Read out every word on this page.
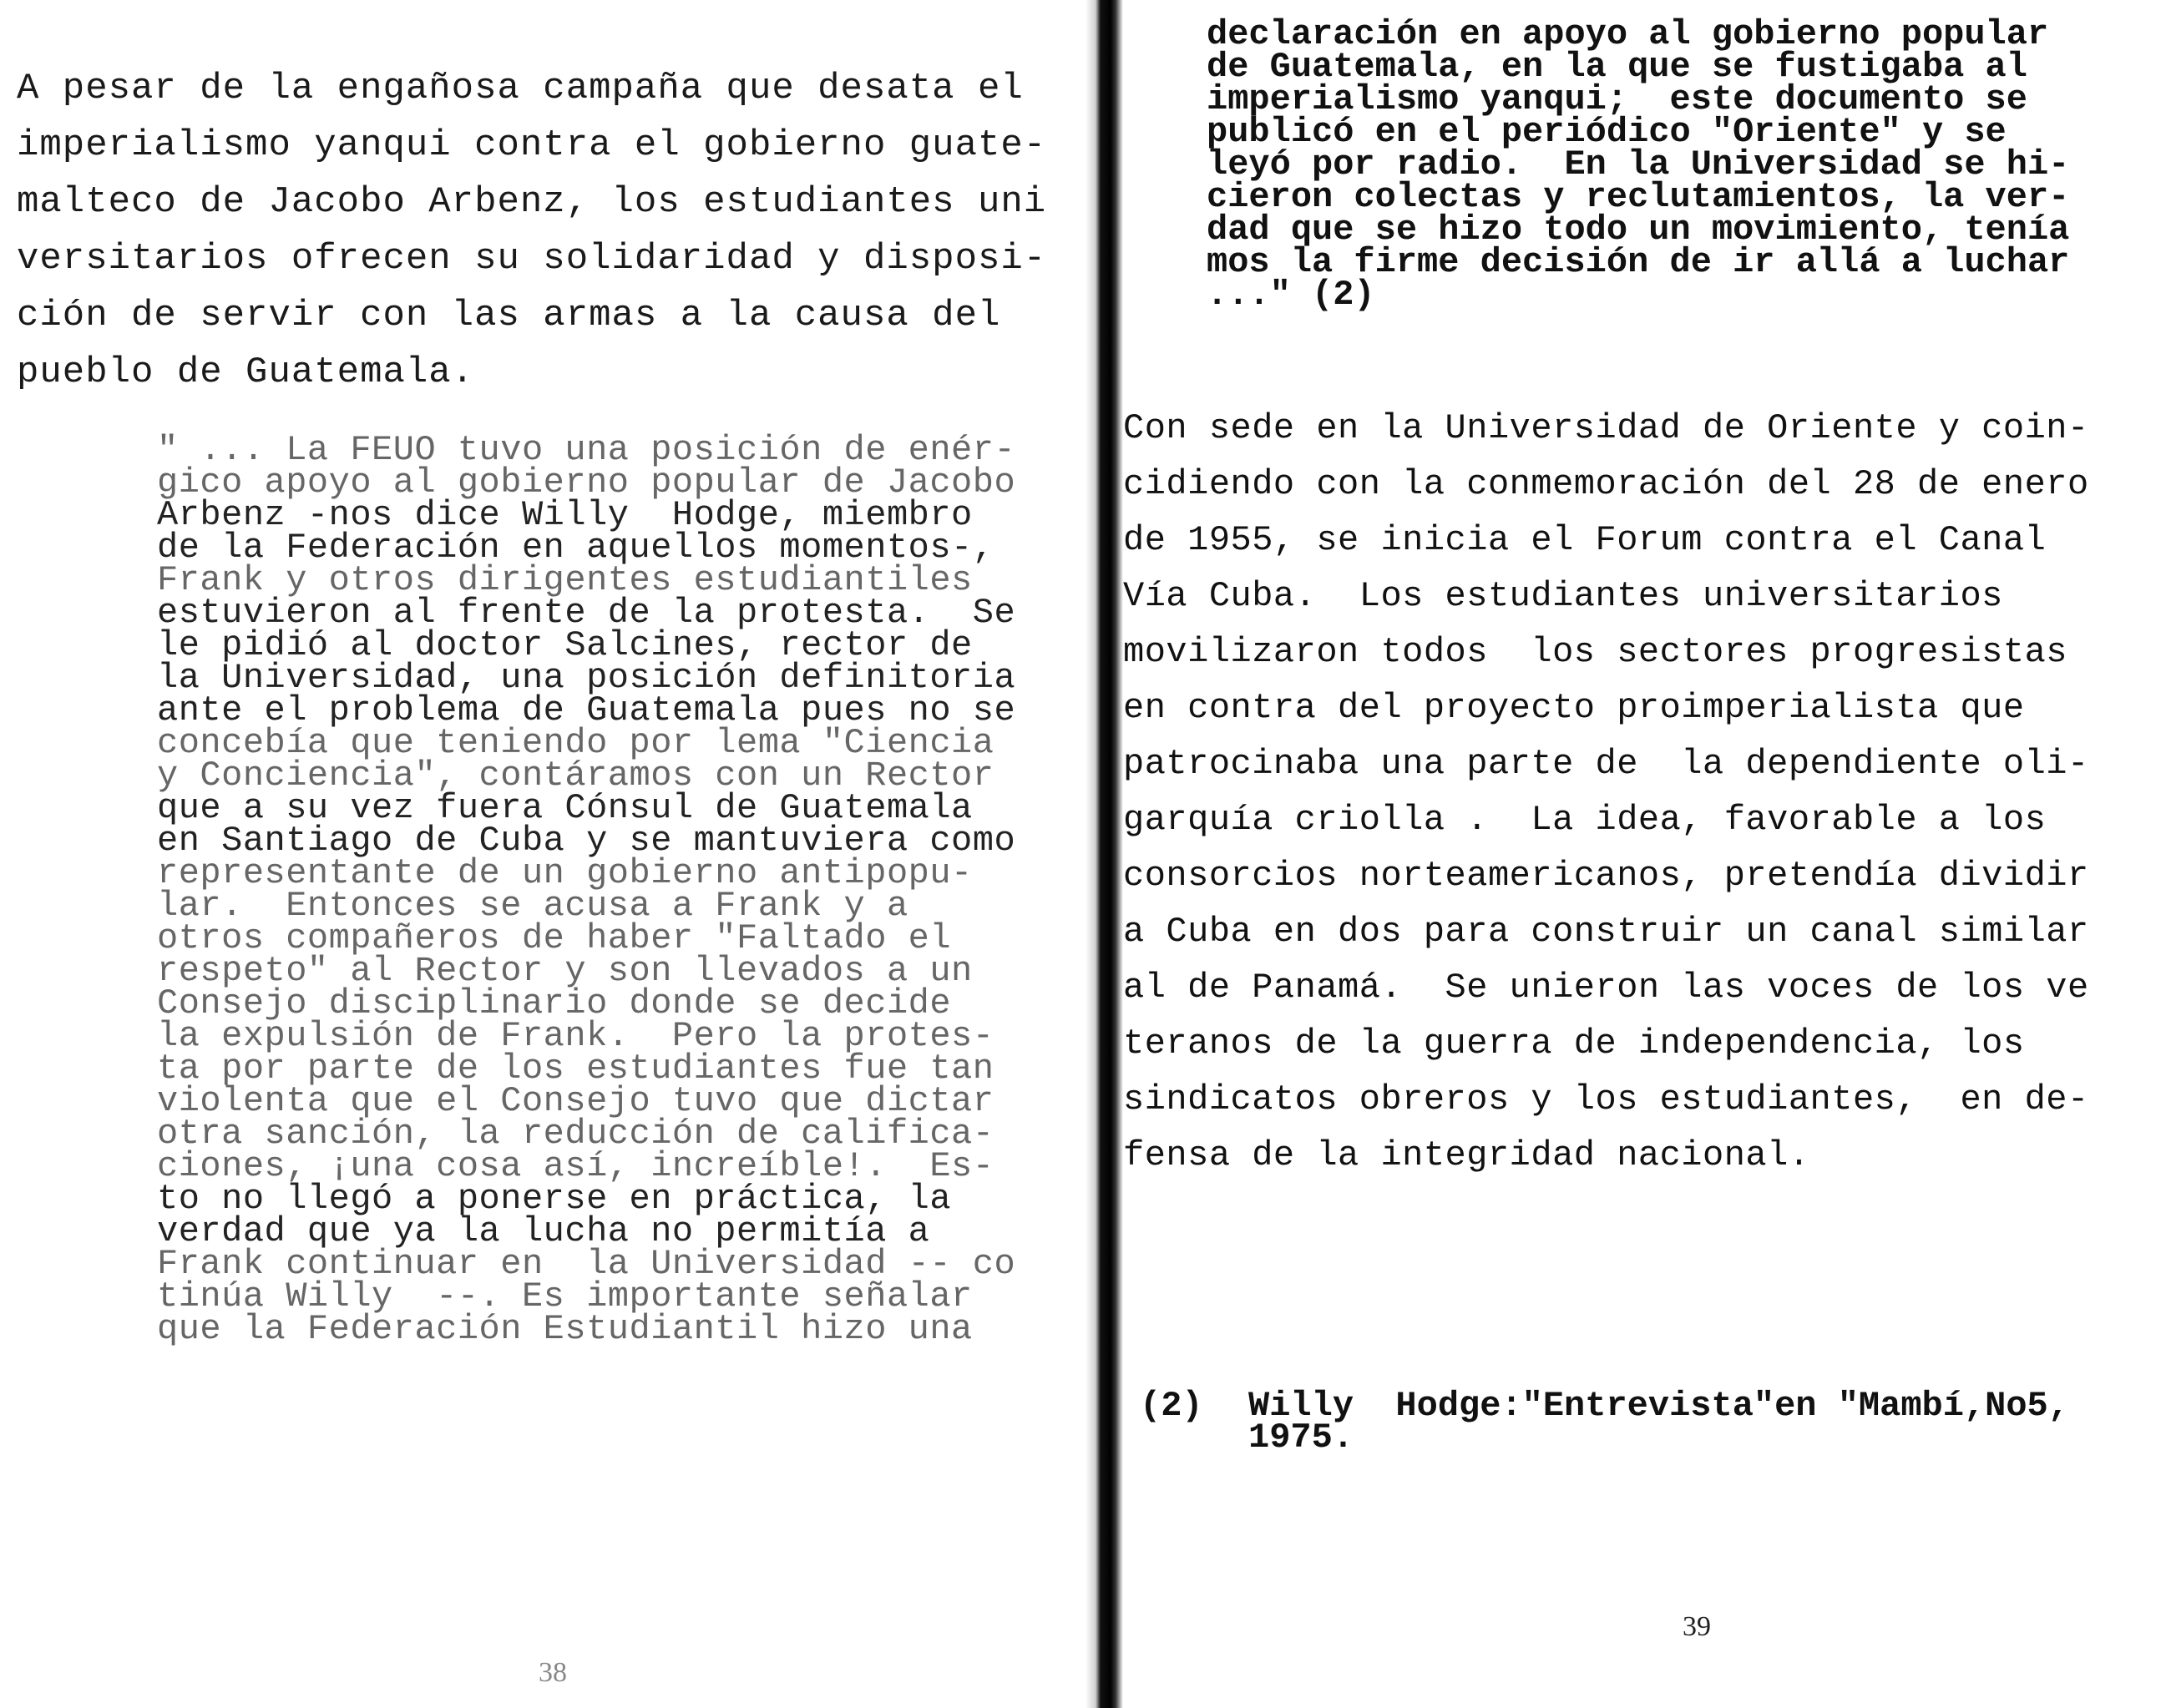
A pesar de la engañosa campaña que desata el
imperialismo yanqui contra el gobierno guate-
malteco de Jacobo Arbenz, los estudiantes uni
versitarios ofrecen su solidaridad y disposi-
ción de servir con las armas a la causa del
pueblo de Guatemala.
" ... La FEUO tuvo una posición de enér-
gico apoyo al gobierno popular de Jacobo
Arbenz -nos dice Willy  Hodge, miembro
de la Federación en aquellos momentos-,
Frank y otros dirigentes estudiantiles
estuvieron al frente de la protesta.  Se
le pidió al doctor Salcines, rector de
la Universidad, una posición definitoria
ante el problema de Guatemala pues no se
concebía que teniendo por lema "Ciencia
y Conciencia", contáramos con un Rector
que a su vez fuera Cónsul de Guatemala
en Santiago de Cuba y se mantuviera como
representante de un gobierno antipopu-
lar.  Entonces se acusa a Frank y a
otros compañeros de haber "Faltado el
respeto" al Rector y son llevados a un
Consejo disciplinario donde se decide
la expulsión de Frank.  Pero la protes-
ta por parte de los estudiantes fue tan
violenta que el Consejo tuvo que dictar
otra sanción, la reducción de califica-
ciones, ¡una cosa así, increíble!.  Es-
to no llegó a ponerse en práctica, la
verdad que ya la lucha no permitía a
Frank continuar en  la Universidad -- co
tinúa Willy  --. Es importante señalar
que la Federación Estudiantil hizo una
38
declaración en apoyo al gobierno popular
de Guatemala, en la que se fustigaba al
imperialismo yanqui;  este documento se
publicó en el periódico "Oriente" y se
leyó por radio.  En la Universidad se hi-
cieron colectas y reclutamientos, la ver-
dad que se hizo todo un movimiento, tenía
mos la firme decisión de ir allá a luchar
..." (2)
Con sede en la Universidad de Oriente y coin-
cidiendo con la conmemoración del 28 de enero
de 1955, se inicia el Forum contra el Canal
Vía Cuba.  Los estudiantes universitarios
movilizaron todos  los sectores progresistas
en contra del proyecto proimperialista que
patrocinaba una parte de  la dependiente oli-
garquía criolla .  La idea, favorable a los
consorcios norteamericanos, pretendía dividir
a Cuba en dos para construir un canal similar
al de Panamá.  Se unieron las voces de los ve
teranos de la guerra de independencia, los
sindicatos obreros y los estudiantes,  en de-
fensa de la integridad nacional.
(2) Willy  Hodge:"Entrevista"en "Mambí,No5,
1975.
39
